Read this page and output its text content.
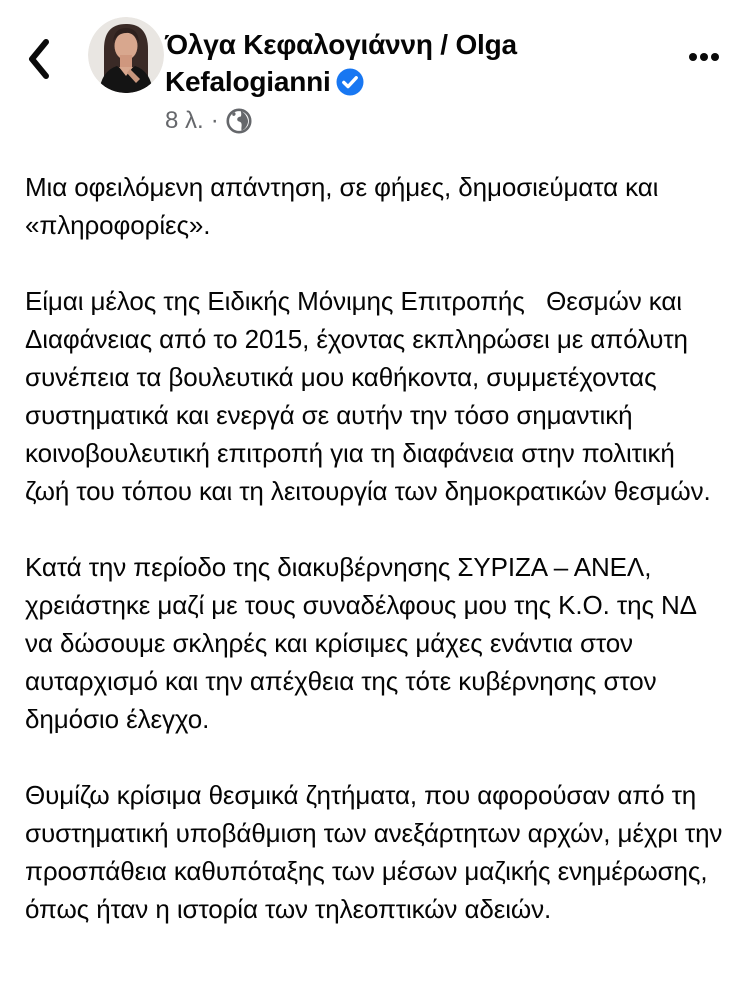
Όλγα Κεφαλογιάννη / Olga Kefalogianni
8 λ. ·

Μια οφειλόμενη απάντηση, σε φήμες, δημοσιεύματα και «πληροφορίες».

Είμαι μέλος της Ειδικής Μόνιμης Επιτροπής   Θεσμών και Διαφάνειας από το 2015, έχοντας εκπληρώσει με απόλυτη συνέπεια τα βουλευτικά μου καθήκοντα, συμμετέχοντας συστηματικά και ενεργά σε αυτήν την τόσο σημαντική  κοινοβουλευτική επιτροπή για τη διαφάνεια στην πολιτική ζωή του τόπου και τη λειτουργία των δημοκρατικών θεσμών.

Κατά την περίοδο της διακυβέρνησης ΣΥΡΙΖΑ – ΑΝΕΛ, χρειάστηκε μαζί με τους συναδέλφους μου της Κ.Ο. της ΝΔ να δώσουμε σκληρές και κρίσιμες μάχες ενάντια στον αυταρχισμό και την απέχθεια της τότε κυβέρνησης στον δημόσιο έλεγχο.

Θυμίζω κρίσιμα θεσμικά ζητήματα, που αφορούσαν από τη συστηματική υποβάθμιση των ανεξάρτητων αρχών, μέχρι την προσπάθεια καθυπόταξης των μέσων μαζικής ενημέρωσης, όπως ήταν η ιστορία των τηλεοπτικών αδειών.
